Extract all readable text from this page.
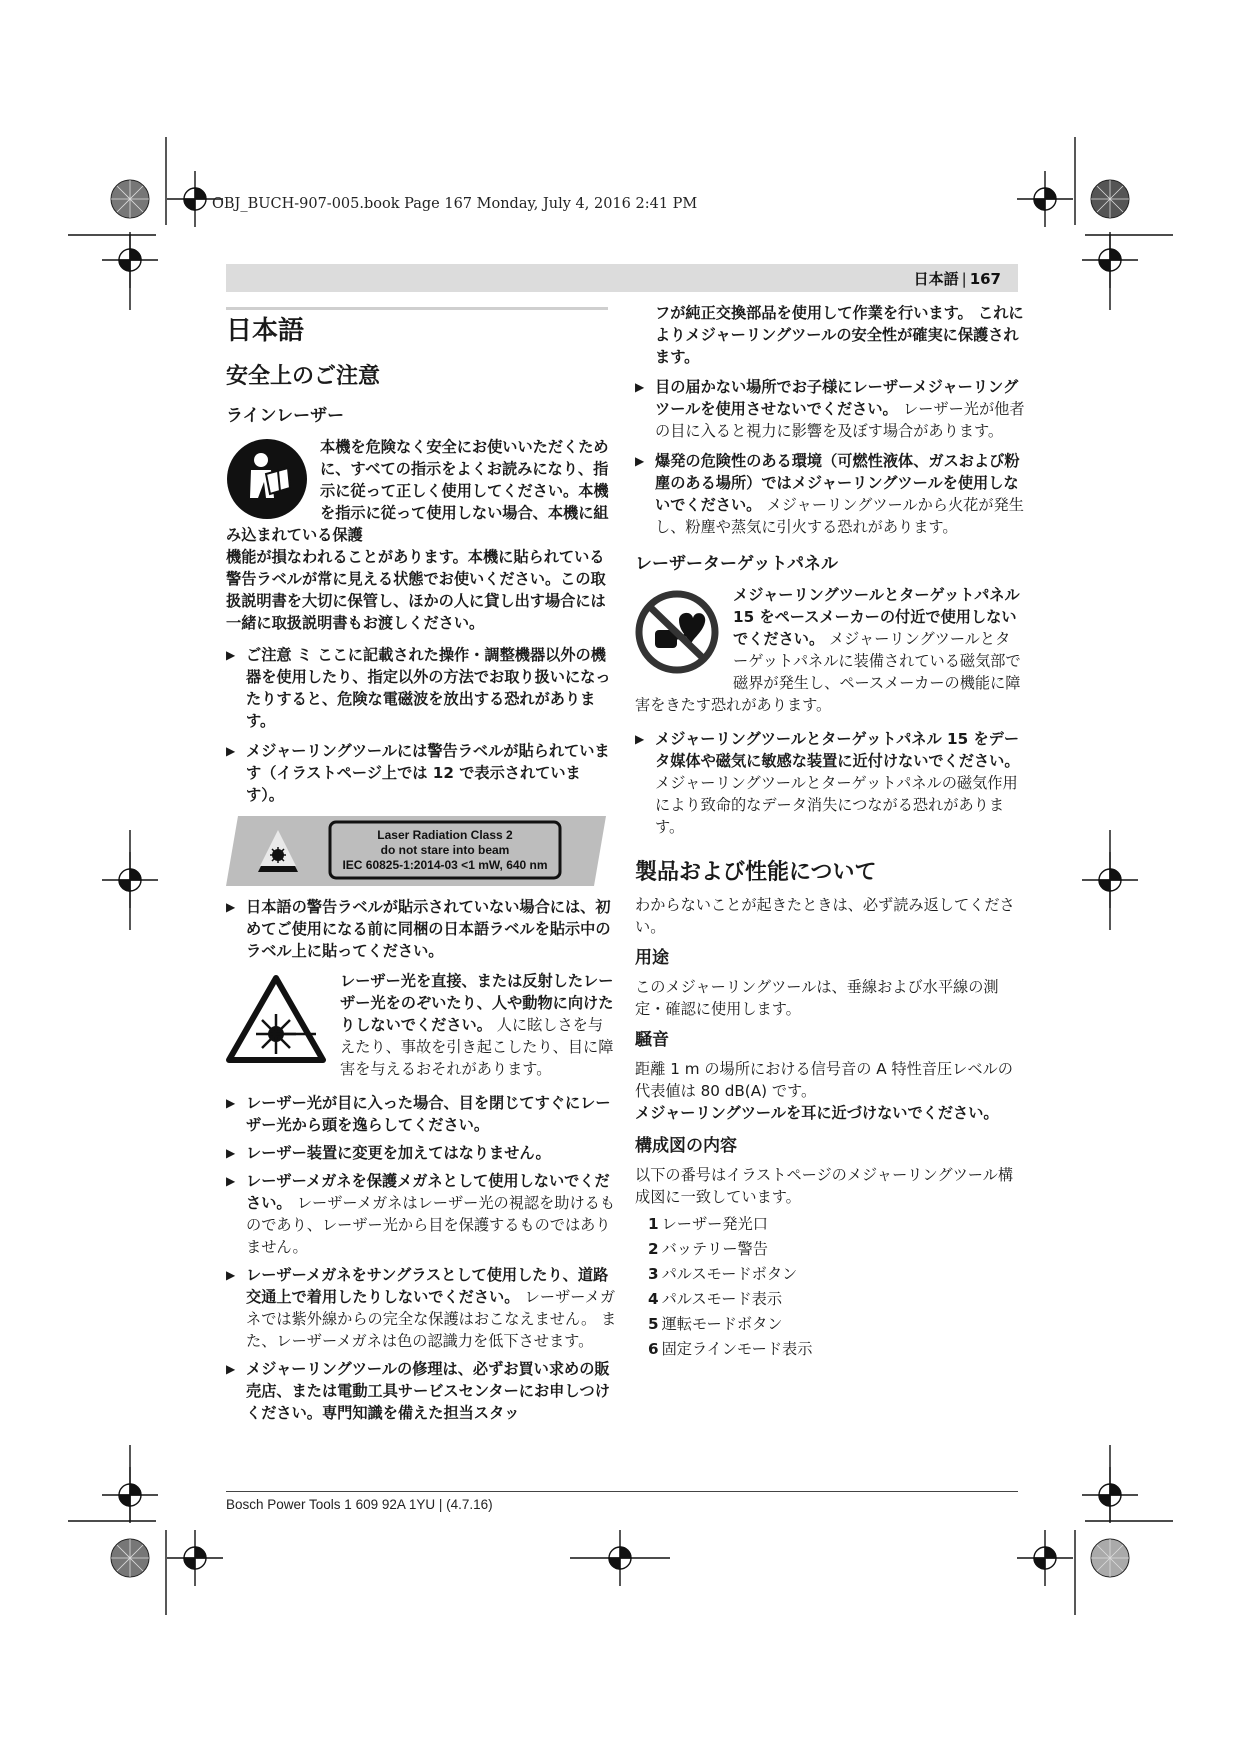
OBJ_BUCH-907-005.book Page 167 Monday, July 4, 2016 2:41 PM
日本語 | 167
日本語
安全上のご注意
ラインレーザー

本機を危険なく安全にお使いいただくために、すべての指示をよくお読みになり、指示に従って正しく使用してください。本機を指示に従って使用しない場合、本機に組み込まれている保護

機能が損なわれることがあります。本機に貼られている警告ラベルが常に見える状態でお使いください。この取扱説明書を大切に保管し、ほかの人に貸し出す場合には一緒に取扱説明書もお渡しください。

▶ ご注意 ミ ここに記載された操作・調整機器以外の機器を使用したり、指定以外の方法でお取り扱いになったりすると、危険な電磁波を放出する恐れがあります。
▶ メジャーリングツールには警告ラベルが貼られています（イラストページ上では 12 で表示されています）。
Laser Radiation Class 2
do not stare into beam
IEC 60825-1:2014-03 <1 mW, 640 nm
▶ 日本語の警告ラベルが貼示されていない場合には、初めてご使用になる前に同梱の日本語ラベルを貼示中のラベル上に貼ってください。

レーザー光を直接、または反射したレーザー光をのぞいたり、人や動物に向けたりしないでください。 人に眩しさを与えたり、事故を引き起こしたり、目に障害を与えるおそれがあります。

▶ レーザー光が目に入った場合、目を閉じてすぐにレーザー光から頭を逸らしてください。
▶ レーザー装置に変更を加えてはなりません。
▶ レーザーメガネを保護メガネとして使用しないでください。 レーザーメガネはレーザー光の視認を助けるものであり、レーザー光から目を保護するものではありません。
▶ レーザーメガネをサングラスとして使用したり、道路交通上で着用したりしないでください。 レーザーメガネでは紫外線からの完全な保護はおこなえません。 また、レーザーメガネは色の認識力を低下させます。
▶ メジャーリングツールの修理は、必ずお買い求めの販売店、または電動工具サービスセンターにお申しつけください。専門知識を備えた担当スタッ

フが純正交換部品を使用して作業を行います。 これによりメジャーリングツールの安全性が確実に保護されます。

▶ 目の届かない場所でお子様にレーザーメジャーリングツールを使用させないでください。 レーザー光が他者の目に入ると視力に影響を及ぼす場合があります。
▶ 爆発の危険性のある環境（可燃性液体、ガスおよび粉塵のある場所）ではメジャーリングツールを使用しないでください。 メジャーリングツールから火花が発生し、粉塵や蒸気に引火する恐れがあります。
レーザーターゲットパネル

メジャーリングツールとターゲットパネル 15 をペースメーカーの付近で使用しないでください。 メジャーリングツールとターゲットパネルに装備されている磁気部で磁界が発生し、ペースメーカーの機能に障害をきたす恐れがあります。

▶ メジャーリングツールとターゲットパネル 15 をデータ媒体や磁気に敏感な装置に近付けないでください。 メジャーリングツールとターゲットパネルの磁気作用により致命的なデータ消失につながる恐れがあります。
製品および性能について

わからないことが起きたときは、必ず読み返してください。

用途

このメジャーリングツールは、垂線および水平線の測定・確認に使用します。

騒音

距離 1 m の場所における信号音の A 特性音圧レベルの代表値は 80 dB(A) です。

メジャーリングツールを耳に近づけないでください。

構成図の内容

以下の番号はイラストページのメジャーリングツール構成図に一致しています。

1 レーザー発光口
2 バッテリー警告
3 パルスモードボタン
4 パルスモード表示
5 運転モードボタン
6 固定ラインモード表示
Bosch Power Tools 1 609 92A 1YU | (4.7.16)
